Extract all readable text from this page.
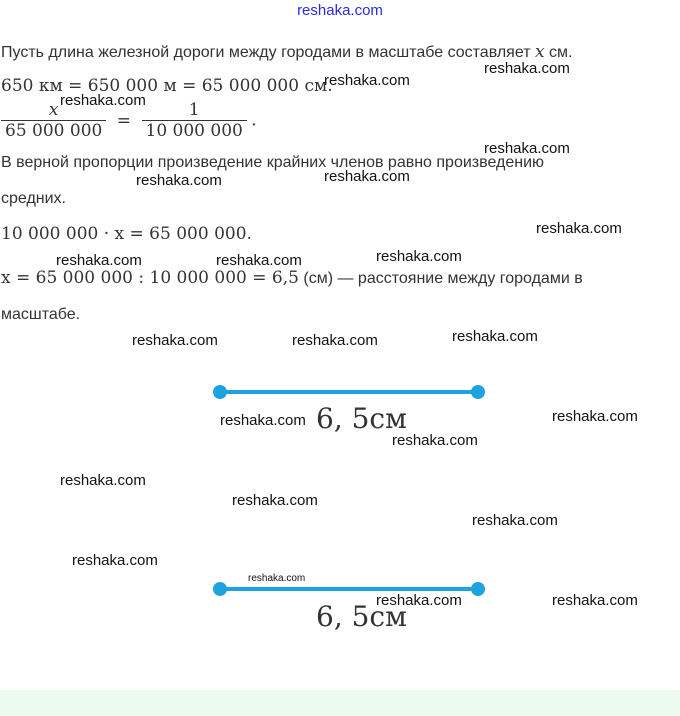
reshaka.com
Пусть длина железной дороги между городами в масштабе составляет x см.
650 км = 650 000 м = 65 000 000 см.
$\frac{x}{65 000 000} = \frac{1}{10 000 000}$ .
В верной пропорции произведение крайних членов равно произведению
средних.
10 000 000 · x = 65 000 000.
x = 65 000 000 : 10 000 000 = 6,5 (см) — расстояние между городами в
масштабе.
6, 5см
6, 5см
reshaka.com
reshaka.com
reshaka.com
reshaka.com
reshaka.com
reshaka.com
reshaka.com
reshaka.com
reshaka.com	reshaka.com
reshaka.com
reshaka.com	reshaka.com
reshaka.com
reshaka.com
reshaka.com
reshaka.com
reshaka.com
reshaka.com
reshaka.com
reshaka.com
reshaka.com	reshaka.com
